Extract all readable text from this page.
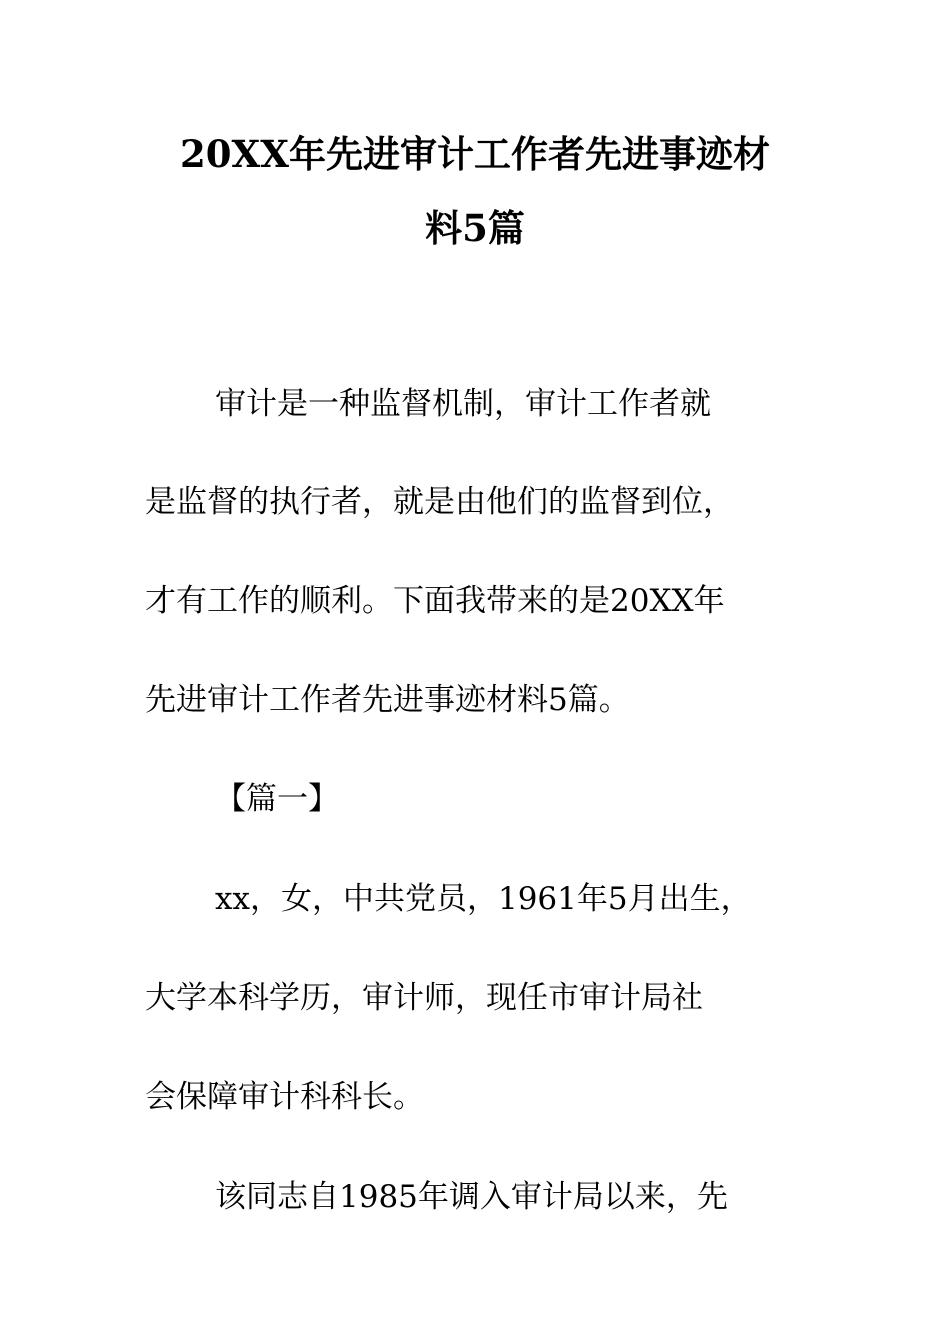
20XX年先进审计工作者先进事迹材
料5篇
审计是一种监督机制，审计工作者就
是监督的执行者，就是由他们的监督到位，
才有工作的顺利。下面我带来的是20XX年
先进审计工作者先进事迹材料5篇。
【篇一】
xx，女，中共党员，1961年5月出生，
大学本科学历，审计师，现任市审计局社
会保障审计科科长。
该同志自1985年调入审计局以来，先
